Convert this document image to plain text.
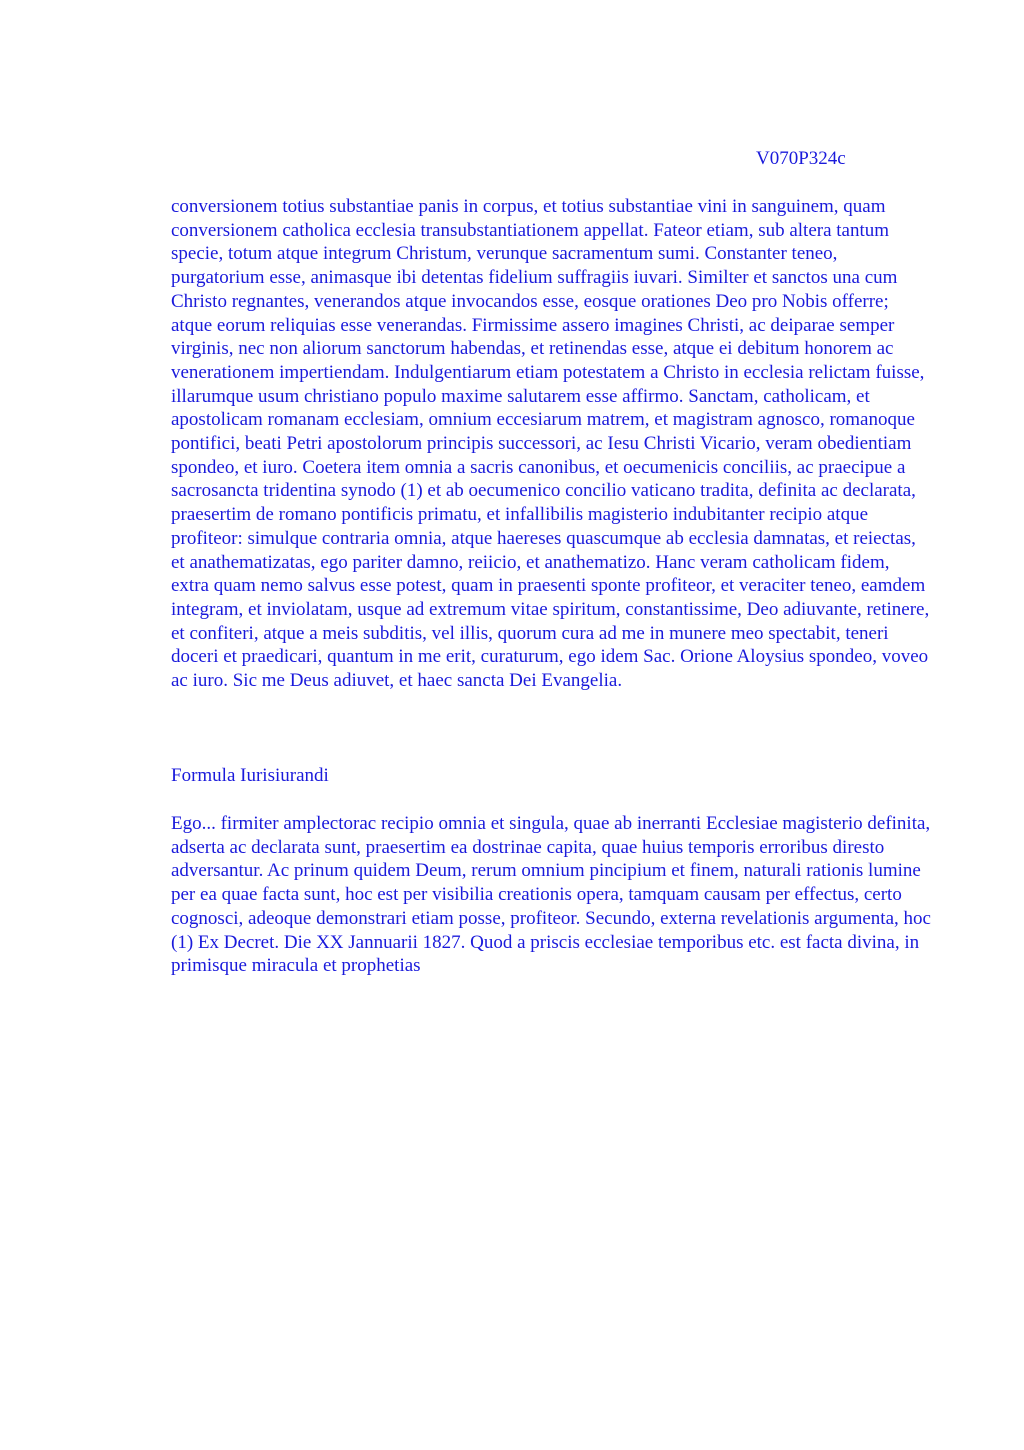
V070P324c

conversionem totius substantiae panis in corpus, et totius substantiae vini in sanguinem, quam conversionem catholica ecclesia transubstantiationem appellat. Fateor etiam, sub altera tantum specie, totum atque integrum Christum, verunque sacramentum sumi. Constanter teneo, purgatorium esse, animasque ibi detentas fidelium suffragiis iuvari. Similter et sanctos una cum Christo regnantes, venerandos atque invocandos esse, eosque orationes Deo pro Nobis offerre; atque eorum reliquias esse venerandas. Firmissime assero imagines Christi, ac deiparae semper virginis, nec non aliorum sanctorum habendas, et retinendas esse, atque ei debitum honorem ac venerationem impertiendam. Indulgentiarum etiam potestatem a Christo in ecclesia relictam fuisse, illarumque usum christiano populo maxime salutarem esse affirmo. Sanctam, catholicam, et apostolicam romanam ecclesiam, omnium eccesiarum matrem, et magistram agnosco, romanoque pontifici, beati Petri apostolorum principis successori, ac Iesu Christi Vicario, veram obedientiam spondeo, et iuro. Coetera item omnia a sacris canonibus, et oecumenicis conciliis, ac praecipue a sacrosancta tridentina synodo (1) et ab oecumenico concilio vaticano tradita, definita ac declarata, praesertim de romano pontificis primatu, et infallibilis magisterio indubitanter recipio atque profiteor: simulque contraria omnia, atque haereses quascumque ab ecclesia damnatas, et reiectas, et anathematizatas, ego pariter damno, reiicio, et anathematizo. Hanc veram catholicam fidem, extra quam nemo salvus esse potest, quam in praesenti sponte profiteor, et veraciter teneo, eamdem integram, et inviolatam, usque ad extremum vitae spiritum, constantissime, Deo adiuvante, retinere, et confiteri, atque a meis subditis, vel illis, quorum cura ad me in munere meo spectabit, teneri doceri et praedicari, quantum in me erit, curaturum, ego idem Sac. Orione Aloysius spondeo, voveo ac iuro. Sic me Deus adiuvet, et haec sancta Dei Evangelia.

Formula Iurisiurandi

Ego... firmiter amplectorac recipio omnia et singula, quae ab inerranti Ecclesiae magisterio definita, adserta ac declarata sunt, praesertim ea dostrinae capita, quae huius temporis erroribus diresto adversantur. Ac prinum quidem Deum, rerum omnium pincipium et finem, naturali rationis lumine per ea quae facta sunt, hoc est per visibilia creationis opera, tamquam causam per effectus, certo cognosci, adeoque demonstrari etiam posse, profiteor. Secundo, externa revelationis argumenta, hoc (1) Ex Decret. Die XX Jannuarii 1827. Quod a priscis ecclesiae temporibus etc. est facta divina, in primisque miracula et prophetias
